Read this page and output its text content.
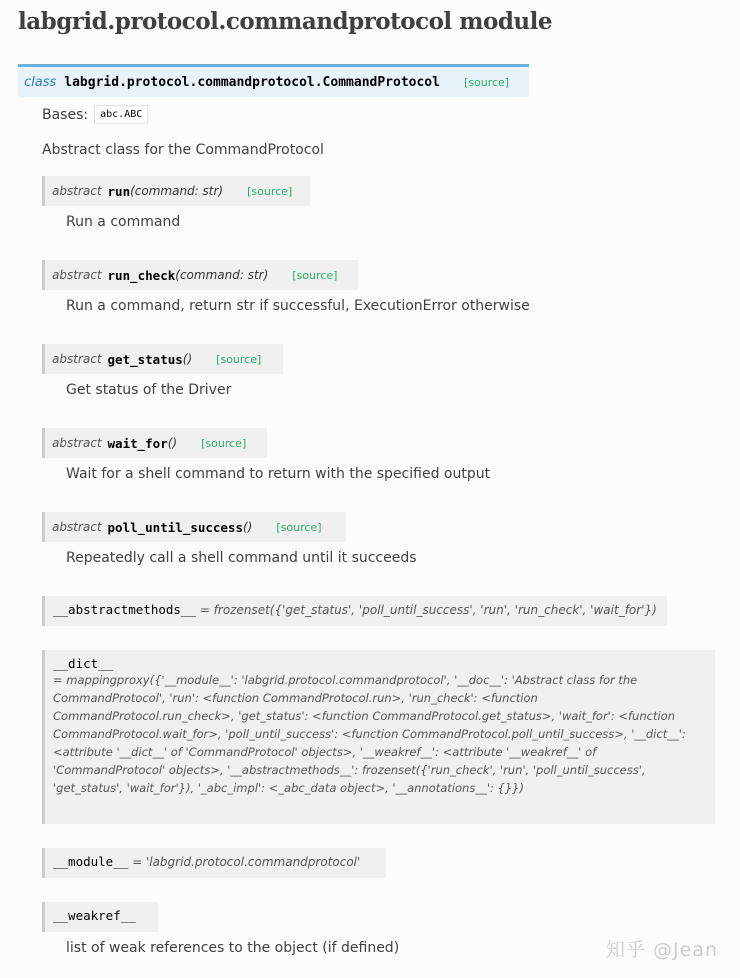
labgrid.protocol.commandprotocol module
class labgrid.protocol.commandprotocol.CommandProtocol [source]
Bases:	abc.ABC
Abstract class for the CommandProtocol
abstract run (command: str) [source]
Run a command
abstract run_check (command: str) [source]
Run a command, return str if successful, ExecutionError otherwise
abstract get_status () [source]
Get status of the Driver
abstract wait_for () [source]
Wait for a shell command to return with the specified output
abstract poll_until_success () [source]
Repeatedly call a shell command until it succeeds
__abstractmethods__ = frozenset({'get_status', 'poll_until_success', 'run', 'run_check', 'wait_for'})
__dict__
= mappingproxy({'__module__': 'labgrid.protocol.commandprotocol', '__doc__': 'Abstract class for the CommandProtocol', 'run': <function CommandProtocol.run>, 'run_check': <function CommandProtocol.run_check>, 'get_status': <function CommandProtocol.get_status>, 'wait_for': <function CommandProtocol.wait_for>, 'poll_until_success': <function CommandProtocol.poll_until_success>, '__dict__': <attribute '__dict__' of 'CommandProtocol' objects>, '__weakref__': <attribute '__weakref__' of 'CommandProtocol' objects>, '__abstractmethods__': frozenset({'run_check', 'run', 'poll_until_success', 'get_status', 'wait_for'}), '_abc_impl': <_abc_data object>, '__annotations__': {}})
__module__ = 'labgrid.protocol.commandprotocol'
__weakref__
list of weak references to the object (if defined)	知乎 @Jean
